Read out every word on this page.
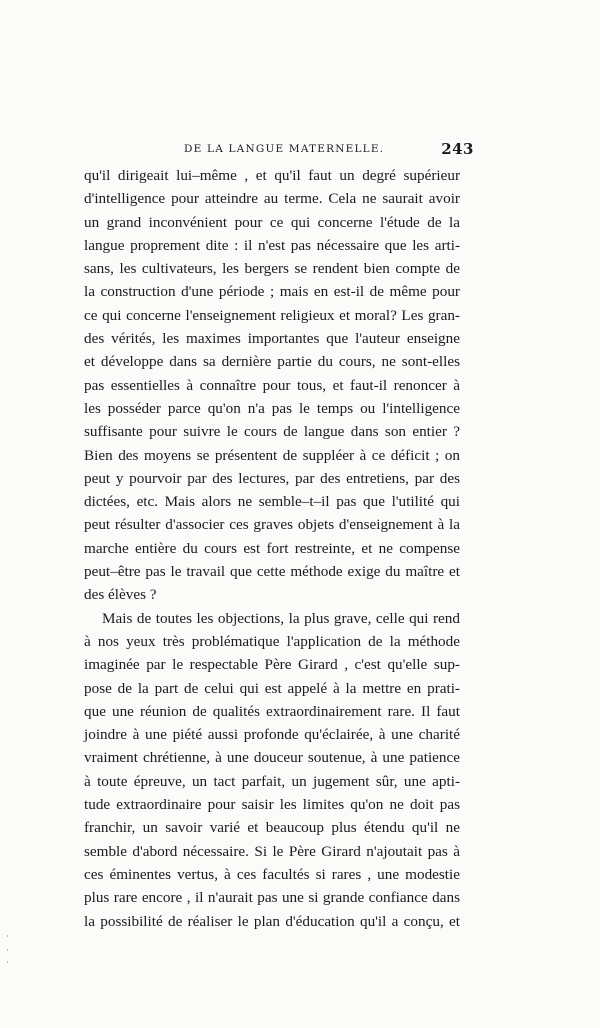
DE LA LANGUE MATERNELLE.	243
qu'il dirigeait lui–même , et qu'il faut un degré supérieur
d'intelligence pour atteindre au terme. Cela ne saurait avoir
un grand inconvénient pour ce qui concerne l'étude de la
langue proprement dite : il n'est pas nécessaire que les arti-
sans, les cultivateurs, les bergers se rendent bien compte de
la construction d'une période ; mais en est-il de même pour
ce qui concerne l'enseignement religieux et moral? Les gran-
des vérités, les maximes importantes que l'auteur enseigne
et développe dans sa dernière partie du cours, ne sont-elles
pas essentielles à connaître pour tous, et faut-il renoncer à
les posséder parce qu'on n'a pas le temps ou l'intelligence
suffisante pour suivre le cours de langue dans son entier ?
Bien des moyens se présentent de suppléer à ce déficit ; on
peut y pourvoir par des lectures, par des entretiens, par des
dictées, etc. Mais alors ne semble–t–il pas que l'utilité qui
peut résulter d'associer ces graves objets d'enseignement à la
marche entière du cours est fort restreinte, et ne compense
peut–être pas le travail que cette méthode exige du maître et
des élèves ?
Mais de toutes les objections, la plus grave, celle qui rend
à nos yeux très problématique l'application de la méthode
imaginée par le respectable Père Girard , c'est qu'elle sup-
pose de la part de celui qui est appelé à la mettre en prati-
que une réunion de qualités extraordinairement rare. Il faut
joindre à une piété aussi profonde qu'éclairée, à une charité
vraiment chrétienne, à une douceur soutenue, à une patience
à toute épreuve, un tact parfait, un jugement sûr, une apti-
tude extraordinaire pour saisir les limites qu'on ne doit pas
franchir, un savoir varié et beaucoup plus étendu qu'il ne
semble d'abord nécessaire. Si le Père Girard n'ajoutait pas à
ces éminentes vertus, à ces facultés si rares , une modestie
plus rare encore , il n'aurait pas une si grande confiance dans
la possibilité de réaliser le plan d'éducation qu'il a conçu, et
